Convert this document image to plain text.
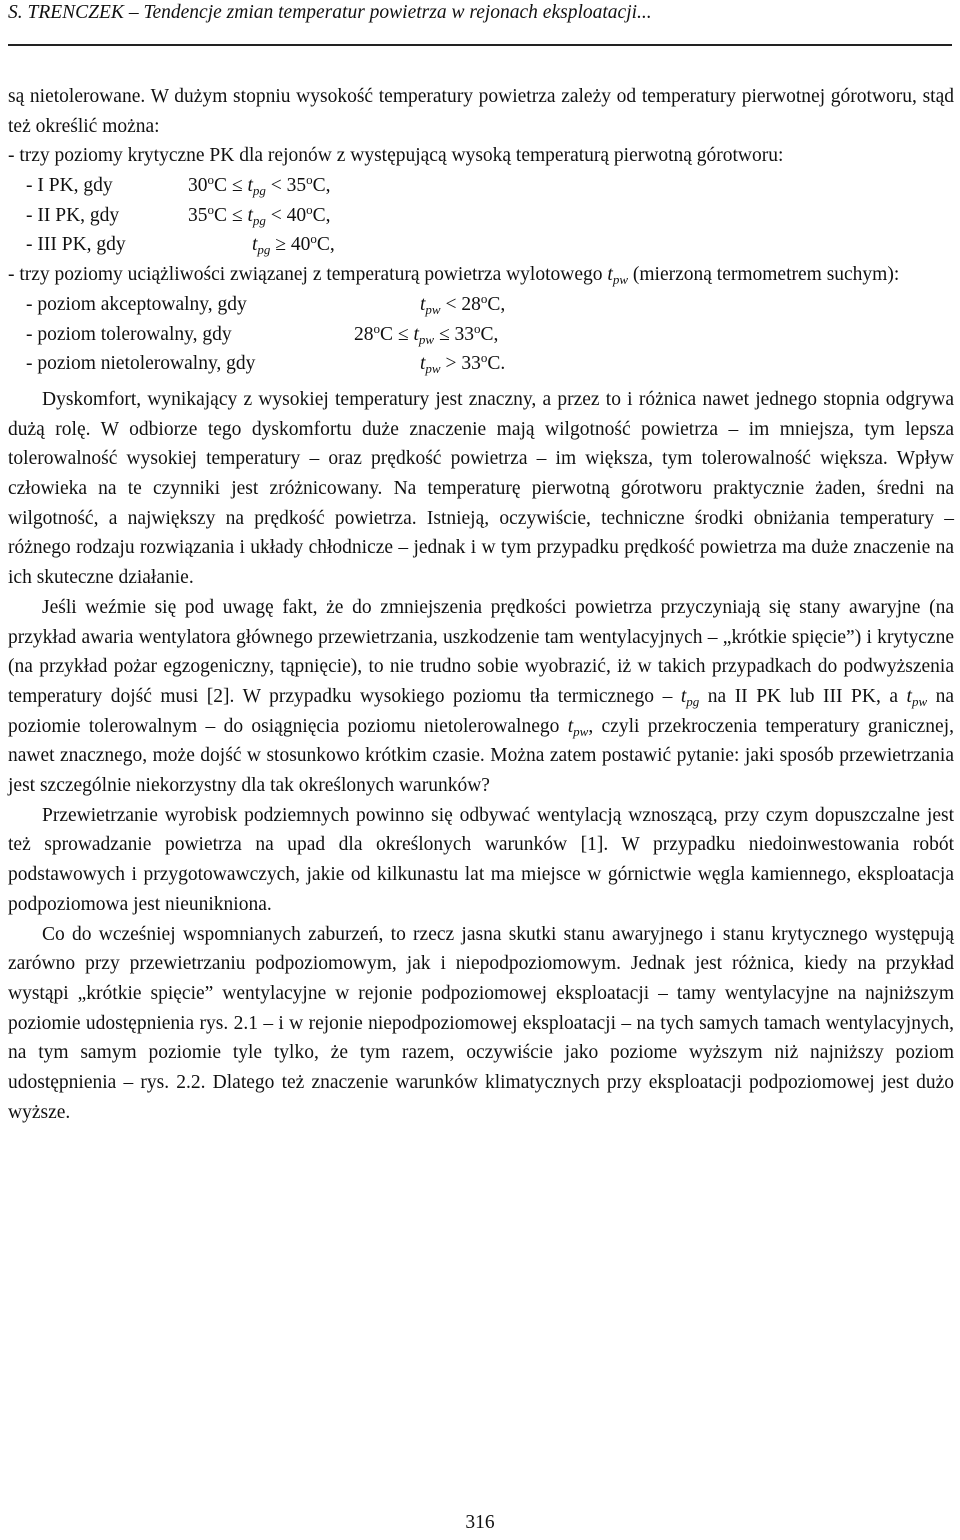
S. TRENCZEK – Tendencje zmian temperatur powietrza w rejonach eksploatacji...

są nietolerowane. W dużym stopniu wysokość temperatury powietrza zależy od temperatury pierwotnej górotworu, stąd też określić można:

- trzy poziomy krytyczne PK dla rejonów z występującą wysoką temperaturą pierwotną górotworu:

- I PK, gdy	$30^oC \le t_{pg} < 35^oC$,
- II PK, gdy	$35^oC \le t_{pg} < 40^oC$,
- III PK, gdy	$t_{pg} \ge 40^oC$,

- trzy poziomy uciążliwości związanej z temperaturą powietrza wylotowego $t_{pw}$ (mierzoną termometrem suchym):

- poziom akceptowalny, gdy	$t_{pw} < 28^oC$,
- poziom tolerowalny, gdy	$28^oC \le t_{pw} \le 33^oC$,
- poziom nietolerowalny, gdy	$t_{pw} > 33^oC$.

Dyskomfort, wynikający z wysokiej temperatury jest znaczny, a przez to i różnica nawet jednego stopnia odgrywa dużą rolę. W odbiorze tego dyskomfortu duże znaczenie mają wilgotność powietrza – im mniejsza, tym lepsza tolerowalność wysokiej temperatury – oraz prędkość powietrza – im większa, tym tolerowalność większa. Wpływ człowieka na te czynniki jest zróżnicowany. Na temperaturę pierwotną górotworu praktycznie żaden, średni na wilgotność, a największy na prędkość powietrza. Istnieją, oczywiście, techniczne środki obniżania temperatury – różnego rodzaju rozwiązania i układy chłodnicze – jednak i w tym przypadku prędkość powietrza ma duże znaczenie na ich skuteczne działanie.

Jeśli weźmie się pod uwagę fakt, że do zmniejszenia prędkości powietrza przyczyniają się stany awaryjne (na przykład awaria wentylatora głównego przewietrzania, uszkodzenie tam wentylacyjnych – „krótkie spięcie”) i krytyczne (na przykład pożar egzogeniczny, tąpnięcie), to nie trudno sobie wyobrazić, iż w takich przypadkach do podwyższenia temperatury dojść musi [2]. W przypadku wysokiego poziomu tła termicznego – $t_{pg}$ na II PK lub III PK, a $t_{pw}$ na poziomie tolerowalnym – do osiągnięcia poziomu nietolerowalnego $t_{pw}$, czyli przekroczenia temperatury granicznej, nawet znacznego, może dojść w stosunkowo krótkim czasie. Można zatem postawić pytanie: jaki sposób przewietrzania jest szczególnie niekorzystny dla tak określonych warunków?

Przewietrzanie wyrobisk podziemnych powinno się odbywać wentylacją wznoszącą, przy czym dopuszczalne jest też sprowadzanie powietrza na upad dla określonych warunków [1]. W przypadku niedoinwestowania robót podstawowych i przygotowawczych, jakie od kilkunastu lat ma miejsce w górnictwie węgla kamiennego, eksploatacja podpoziomowa jest nieunikniona.

Co do wcześniej wspomnianych zaburzeń, to rzecz jasna skutki stanu awaryjnego i stanu krytycznego występują zarówno przy przewietrzaniu podpoziomowym, jak i niepodpoziomowym. Jednak jest różnica, kiedy na przykład wystąpi „krótkie spięcie” wentylacyjne w rejonie podpoziomowej eksploatacji – tamy wentylacyjne na najniższym poziomie udostępnienia rys. 2.1 – i w rejonie niepodpoziomowej eksploatacji – na tych samych tamach wentylacyjnych, na tym samym poziomie tyle tylko, że tym razem, oczywiście jako poziome wyższym niż najniższy poziom udostępnienia – rys. 2.2. Dlatego też znaczenie warunków klimatycznych przy eksploatacji podpoziomowej jest dużo wyższe.

316
